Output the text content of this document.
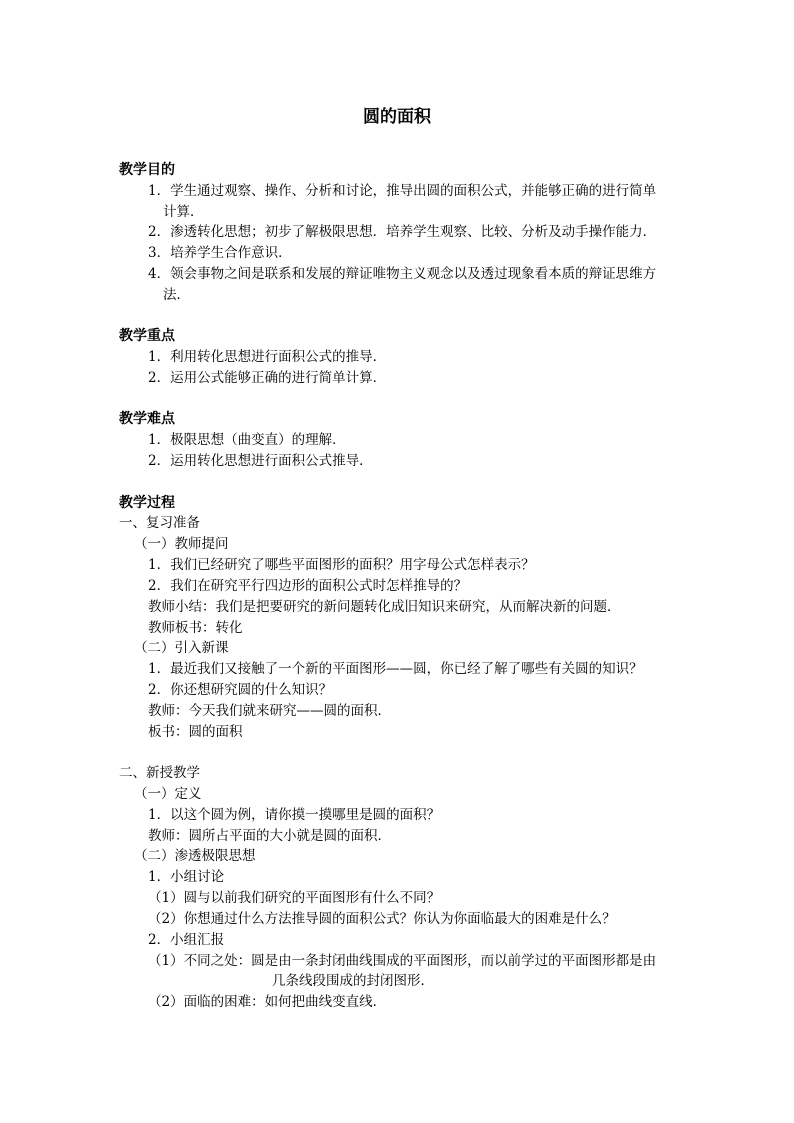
圆的面积
教学目的
1．学生通过观察、操作、分析和讨论，推导出圆的面积公式，并能够正确的进行简单
计算．
2．渗透转化思想；初步了解极限思想．培养学生观察、比较、分析及动手操作能力．
3．培养学生合作意识．
4．领会事物之间是联系和发展的辩证唯物主义观念以及透过现象看本质的辩证思维方
法．
教学重点
1．利用转化思想进行面积公式的推导．
2．运用公式能够正确的进行简单计算．
教学难点
1．极限思想（曲变直）的理解．
2．运用转化思想进行面积公式推导．
教学过程
一、复习准备
（一）教师提问
1．我们已经研究了哪些平面图形的面积？用字母公式怎样表示？
2．我们在研究平行四边形的面积公式时怎样推导的？
教师小结：我们是把要研究的新问题转化成旧知识来研究，从而解决新的问题．
教师板书：转化
（二）引入新课
1．最近我们又接触了一个新的平面图形——圆，你已经了解了哪些有关圆的知识？
2．你还想研究圆的什么知识？
教师：今天我们就来研究——圆的面积．
板书：圆的面积
二、新授教学
（一）定义
1．以这个圆为例，请你摸一摸哪里是圆的面积？
教师：圆所占平面的大小就是圆的面积．
（二）渗透极限思想
1．小组讨论
（1）圆与以前我们研究的平面图形有什么不同？
（2）你想通过什么方法推导圆的面积公式？你认为你面临最大的困难是什么？
2．小组汇报
（1）不同之处：圆是由一条封闭曲线围成的平面图形，而以前学过的平面图形都是由
几条线段围成的封闭图形．
（2）面临的困难：如何把曲线变直线．
